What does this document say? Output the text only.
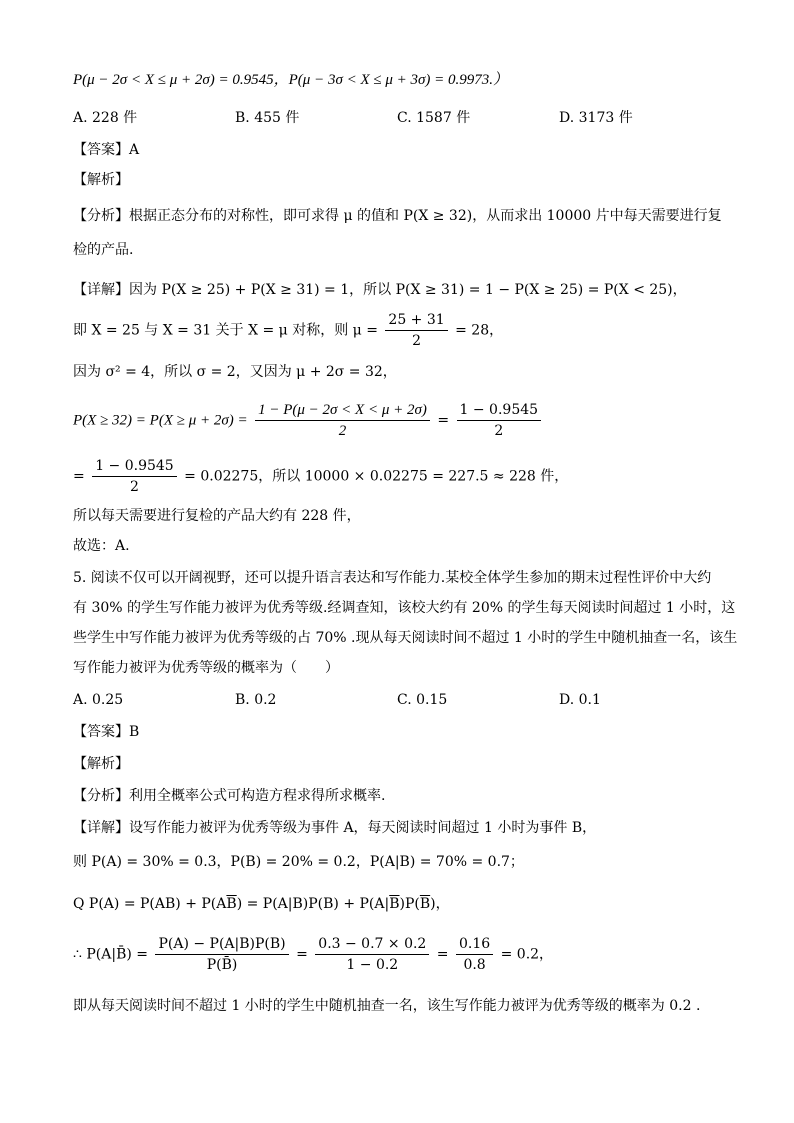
P(μ − 2σ < X ≤ μ + 2σ) = 0.9545，P(μ − 3σ < X ≤ μ + 3σ) = 0.9973.）
A. 228 件	B. 455 件	C. 1587 件	D. 3173 件
【答案】A
【解析】
【分析】根据正态分布的对称性，即可求得 μ 的值和 P(X ≥ 32)，从而求出 10000 片中每天需要进行复
检的产品.
【详解】因为 P(X ≥ 25) + P(X ≥ 31) = 1，所以 P(X ≥ 31) = 1 − P(X ≥ 25) = P(X < 25)，
即 X = 25 与 X = 31 关于 X = μ 对称，则 $\mu = \frac{25 + 31}{2} = 28$，
因为 σ² = 4，所以 σ = 2，又因为 μ + 2σ = 32，
$P(X \ge 32) = P(X \ge \mu + 2\sigma) = \frac{1 - P(\mu - 2\sigma < X < \mu + 2\sigma)}{2} = \frac{1 - 0.9545}{2}$
= $\frac{1 - 0.9545}{2} = 0.02275$，所以 10000 × 0.02275 = 227.5 ≈ 228 件，
所以每天需要进行复检的产品大约有 228 件，
故选：A.
5. 阅读不仅可以开阔视野，还可以提升语言表达和写作能力.某校全体学生参加的期末过程性评价中大约
有 30% 的学生写作能力被评为优秀等级.经调查知，该校大约有 20% 的学生每天阅读时间超过 1 小时，这
些学生中写作能力被评为优秀等级的占 70% .现从每天阅读时间不超过 1 小时的学生中随机抽查一名，该生
写作能力被评为优秀等级的概率为（　　）
A. 0.25	B. 0.2	C. 0.15	D. 0.1
【答案】B
【解析】
【分析】利用全概率公式可构造方程求得所求概率.
【详解】设写作能力被评为优秀等级为事件 A，每天阅读时间超过 1 小时为事件 B，
则 P(A) = 30% = 0.3，P(B) = 20% = 0.2，P(A|B) = 70% = 0.7；
Q $P(A) = P(AB) + P(A\overline{B}) = P(A|B)P(B) + P(A|\overline{B})P(\overline{B})$，
∴ P(A|B̄) = $\frac{P(A) - P(A|B)P(B)}{P(B̄)} = \frac{0.3 - 0.7 \times 0.2}{1 - 0.2} = \frac{0.16}{0.8} = 0.2$，
即从每天阅读时间不超过 1 小时的学生中随机抽查一名，该生写作能力被评为优秀等级的概率为 0.2 .
